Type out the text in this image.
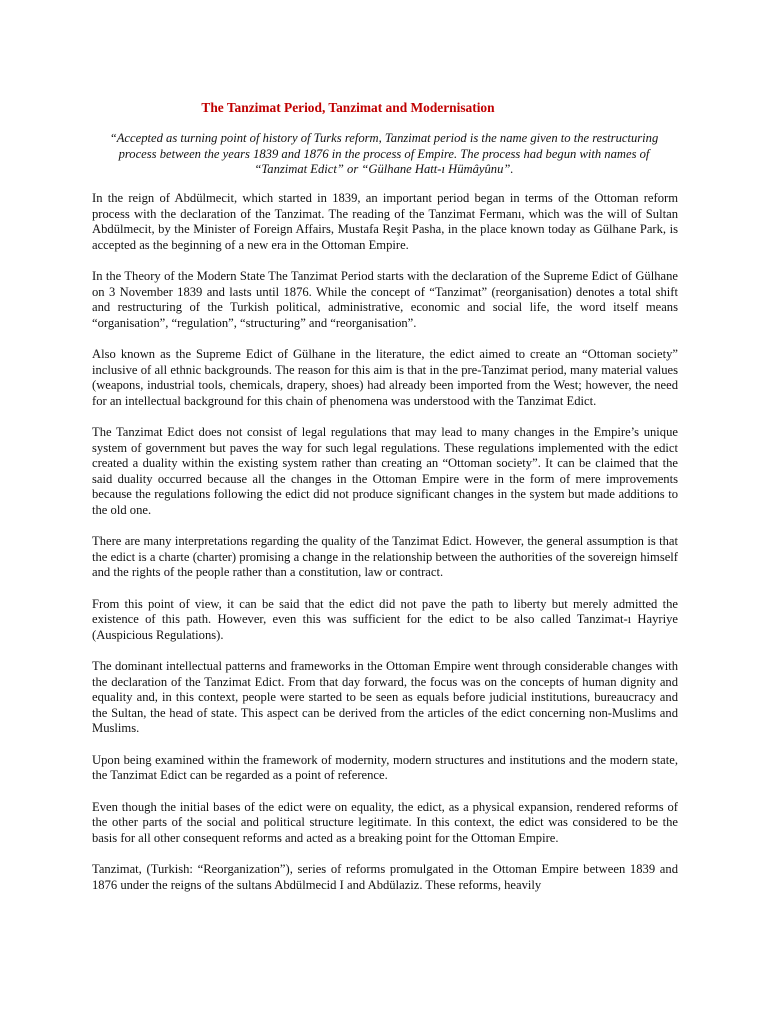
The Tanzimat Period, Tanzimat and Modernisation
“Accepted as turning point of history of Turks reform, Tanzimat period is the name given to the restructuring process between the years 1839 and 1876 in the process of Empire. The process had begun with names of “Tanzimat Edict” or “Gülhane Hatt-ı Hümâyûnu”.

In the reign of Abdülmecit, which started in 1839, an important period began in terms of the Ottoman reform process with the declaration of the Tanzimat. The reading of the Tanzimat Fermanı, which was the will of Sultan Abdülmecit, by the Minister of Foreign Affairs, Mustafa Reşit Pasha, in the place known today as Gülhane Park, is accepted as the beginning of a new era in the Ottoman Empire.

In the Theory of the Modern State The Tanzimat Period starts with the declaration of the Supreme Edict of Gülhane on 3 November 1839 and lasts until 1876. While the concept of “Tanzimat” (reorganisation) denotes a total shift and restructuring of the Turkish political, administrative, economic and social life, the word itself means “organisation”, “regulation”, “structuring” and “reorganisation”.

Also known as the Supreme Edict of Gülhane in the literature, the edict aimed to create an “Ottoman society” inclusive of all ethnic backgrounds. The reason for this aim is that in the pre-Tanzimat period, many material values (weapons, industrial tools, chemicals, drapery, shoes) had already been imported from the West; however, the need for an intellectual background for this chain of phenomena was understood with the Tanzimat Edict.

The Tanzimat Edict does not consist of legal regulations that may lead to many changes in the Empire’s unique system of government but paves the way for such legal regulations. These regulations implemented with the edict created a duality within the existing system rather than creating an “Ottoman society”. It can be claimed that the said duality occurred because all the changes in the Ottoman Empire were in the form of mere improvements because the regulations following the edict did not produce significant changes in the system but made additions to the old one.

There are many interpretations regarding the quality of the Tanzimat Edict. However, the general assumption is that the edict is a charte (charter) promising a change in the relationship between the authorities of the sovereign himself and the rights of the people rather than a constitution, law or contract.

From this point of view, it can be said that the edict did not pave the path to liberty but merely admitted the existence of this path. However, even this was sufficient for the edict to be also called Tanzimat-ı Hayriye (Auspicious Regulations).

The dominant intellectual patterns and frameworks in the Ottoman Empire went through considerable changes with the declaration of the Tanzimat Edict. From that day forward, the focus was on the concepts of human dignity and equality and, in this context, people were started to be seen as equals before judicial institutions, bureaucracy and the Sultan, the head of state. This aspect can be derived from the articles of the edict concerning non-Muslims and Muslims.

Upon being examined within the framework of modernity, modern structures and institutions and the modern state, the Tanzimat Edict can be regarded as a point of reference.

Even though the initial bases of the edict were on equality, the edict, as a physical expansion, rendered reforms of the other parts of the social and political structure legitimate. In this context, the edict was considered to be the basis for all other consequent reforms and acted as a breaking point for the Ottoman Empire.

Tanzimat, (Turkish: “Reorganization”), series of reforms promulgated in the Ottoman Empire between 1839 and 1876 under the reigns of the sultans Abdülmecid I and Abdülaziz. These reforms, heavily
